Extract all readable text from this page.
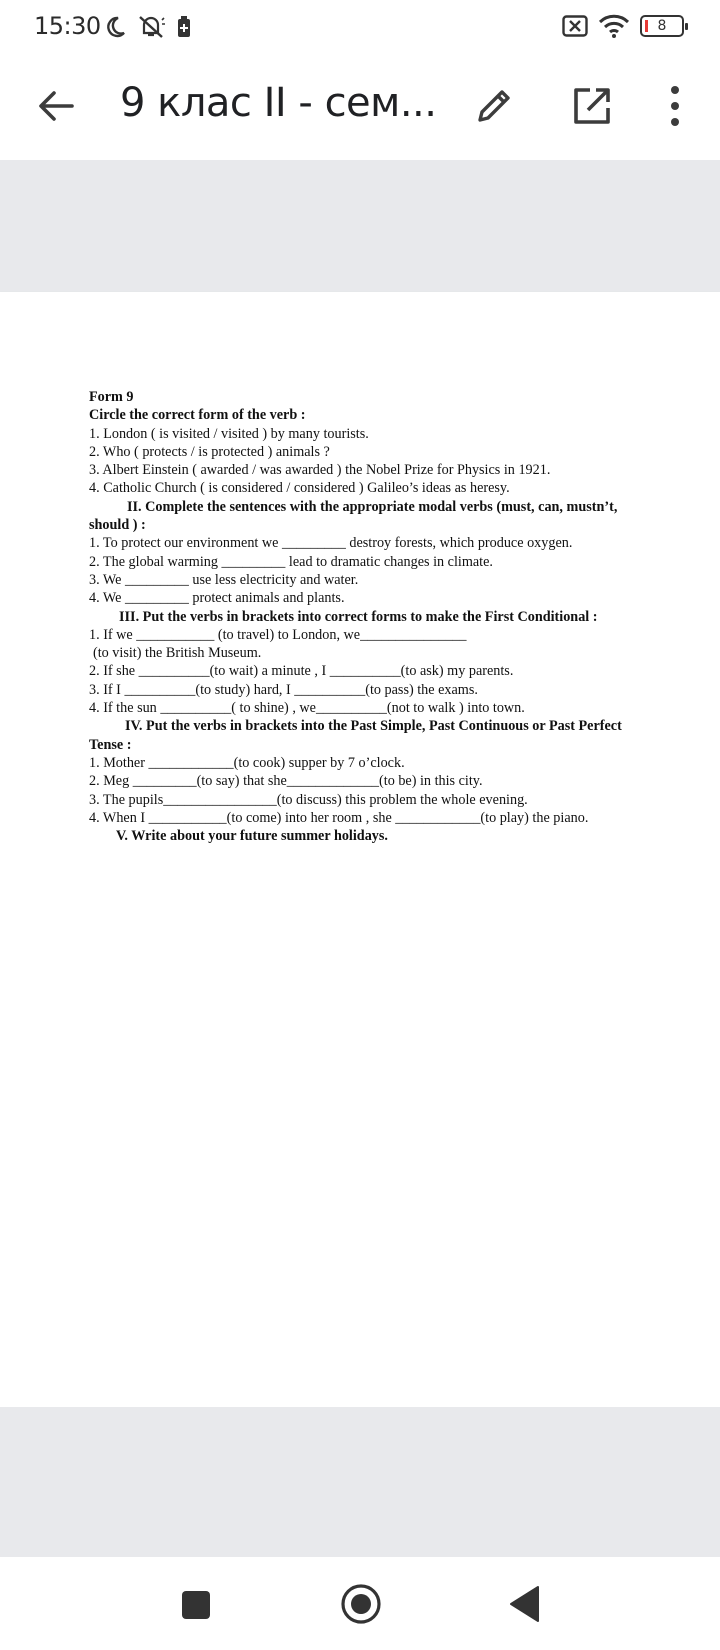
15:30	8
9 клас II - сем...
Form 9
Circle the correct form of the verb :
1. London ( is visited / visited ) by many tourists.
2. Who ( protects / is protected ) animals ?
3. Albert Einstein ( awarded / was awarded ) the Nobel Prize for Physics in 1921.
4. Catholic Church ( is considered / considered ) Galileo’s ideas as heresy.
II. Complete the sentences with the appropriate modal verbs (must, can, mustn’t,
should ) :
1. To protect our environment we _________ destroy forests, which produce oxygen.
2. The global warming _________ lead to dramatic changes in climate.
3. We _________ use less electricity and water.
4. We _________ protect animals and plants.
III. Put the verbs in brackets into correct forms to make the First Conditional :
1. If we ___________ (to travel) to London, we_______________
(to visit) the British Museum.
2. If she __________(to wait) a minute , I __________(to ask) my parents.
3. If I __________(to study) hard, I __________(to pass) the exams.
4. If the sun __________( to shine) , we__________(not to walk ) into town.
IV. Put the verbs in brackets into the Past Simple, Past Continuous or Past Perfect
Tense :
1. Mother ____________(to cook) supper by 7 o’clock.
2. Meg _________(to say) that she_____________(to be) in this city.
3. The pupils________________(to discuss) this problem the whole evening.
4. When I ___________(to come) into her room , she ____________(to play) the piano.
V. Write about your future summer holidays.
